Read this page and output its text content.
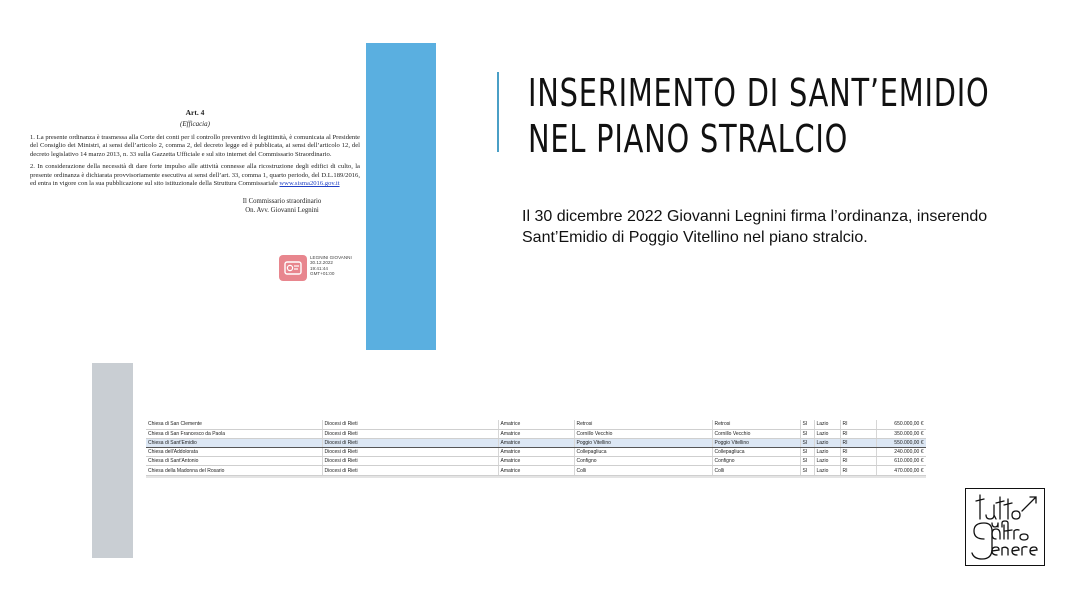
INSERIMENTO DI SANT’EMIDIO
NEL PIANO STRALCIO

Il 30 dicembre 2022 Giovanni Legnini firma l’ordinanza, inserendo Sant’Emidio di Poggio Vitellino nel piano stralcio.

Art. 4
(Efficacia)

1. La presente ordinanza è trasmessa alla Corte dei conti per il controllo preventivo di legittimità, è comunicata al Presidente del Consiglio dei Ministri, ai sensi dell’articolo 2, comma 2, del decreto legge ed è pubblicata, ai sensi dell’articolo 12, del decreto legislativo 14 marzo 2013, n. 33 sulla Gazzetta Ufficiale e sul sito internet del Commissario Straordinario.

2. In considerazione della necessità di dare forte impulso alle attività connesse alla ricostruzione degli edifici di culto, la presente ordinanza è dichiarata provvisoriamente esecutiva ai sensi dell’art. 33, comma 1, quarto periodo, del D.L.189/2016, ed entra in vigore con la sua pubblicazione sul sito istituzionale della Struttura Commissariale www.sisma2016.gov.it

Il Commissario straordinario
On. Avv. Giovanni Legnini
LEGNINI GIOVANNI
30.12.2022
19:41:44
GMT+01:00
Chiesa di San Clemente	Diocesi di Rieti	Amatrice	Retrosi	Retrosi	SI	Lazio	RI	650.000,00 €
Chiesa di San Francesco da Paola	Diocesi di Rieti	Amatrice	Cornillo Vecchio	Cornillo Vecchio	SI	Lazio	RI	350.000,00 €
Chiesa di Sant'Emidio	Diocesi di Rieti	Amatrice	Poggio Vitellino	Poggio Vitellino	SI	Lazio	RI	550.000,00 €
Chiesa dell'Addolorata	Diocesi di Rieti	Amatrice	Collepagliuca	Collepagliuca	SI	Lazio	RI	240.000,00 €
Chiesa di Sant'Antonio	Diocesi di Rieti	Amatrice	Configno	Configno	SI	Lazio	RI	610.000,00 €
Chiesa della Madonna del Rosario	Diocesi di Rieti	Amatrice	Colli	Colli	SI	Lazio	RI	470.000,00 €
